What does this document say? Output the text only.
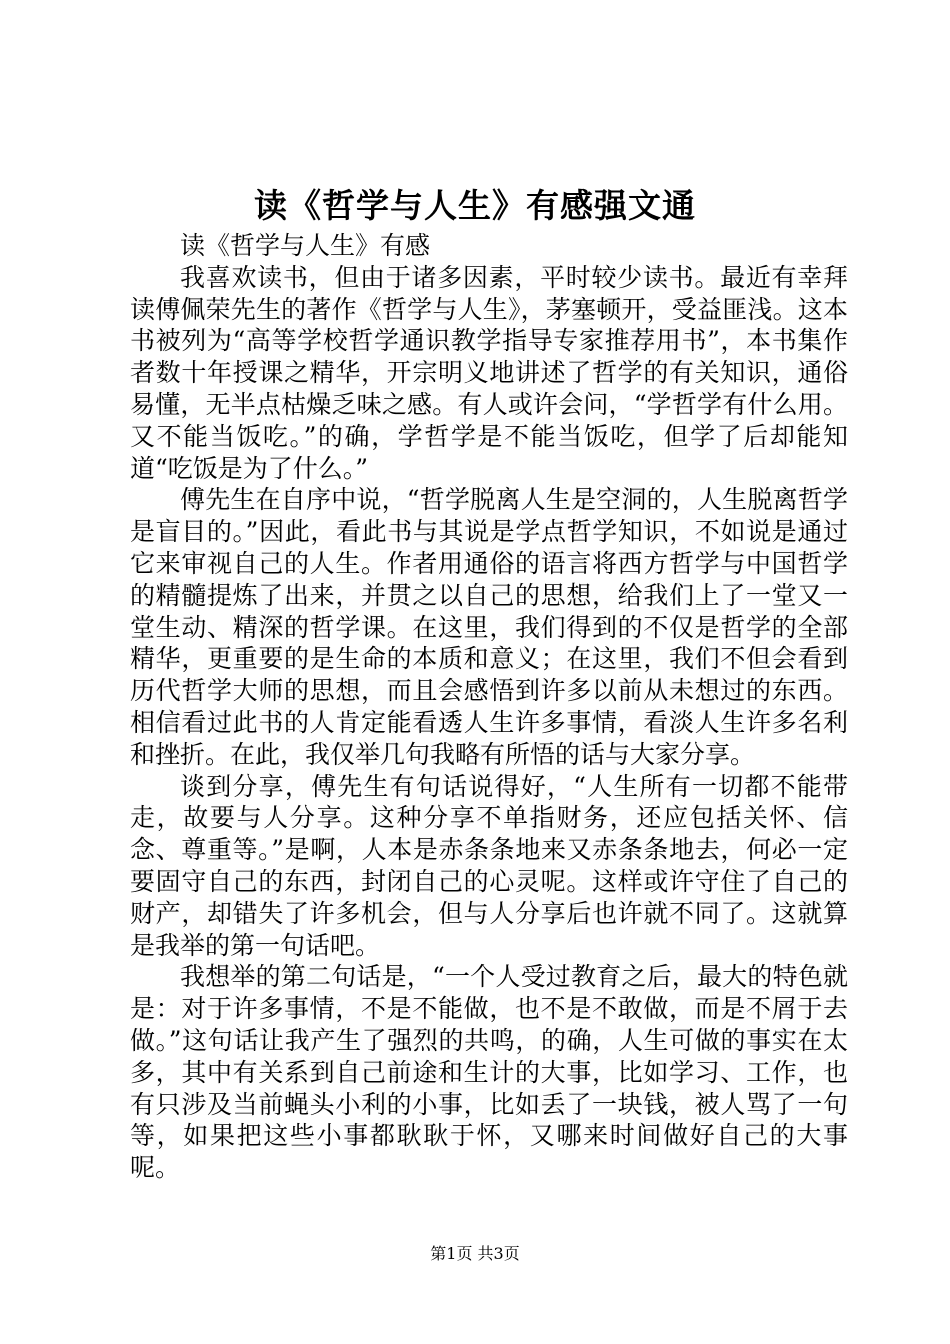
读《哲学与人生》有感强文通

读《哲学与人生》有感

我喜欢读书，但由于诸多因素，平时较少读书。最近有幸拜读傅佩荣先生的著作《哲学与人生》，茅塞顿开，受益匪浅。这本书被列为“高等学校哲学通识教学指导专家推荐用书”，本书集作者数十年授课之精华，开宗明义地讲述了哲学的有关知识，通俗易懂，无半点枯燥乏味之感。有人或许会问，“学哲学有什么用。又不能当饭吃。”的确，学哲学是不能当饭吃，但学了后却能知道“吃饭是为了什么。”

傅先生在自序中说，“哲学脱离人生是空洞的，人生脱离哲学是盲目的。”因此，看此书与其说是学点哲学知识，不如说是通过它来审视自己的人生。作者用通俗的语言将西方哲学与中国哲学的精髓提炼了出来，并贯之以自己的思想，给我们上了一堂又一堂生动、精深的哲学课。在这里，我们得到的不仅是哲学的全部精华，更重要的是生命的本质和意义；在这里，我们不但会看到历代哲学大师的思想，而且会感悟到许多以前从未想过的东西。相信看过此书的人肯定能看透人生许多事情，看淡人生许多名利和挫折。在此，我仅举几句我略有所悟的话与大家分享。

谈到分享，傅先生有句话说得好，“人生所有一切都不能带走，故要与人分享。这种分享不单指财务，还应包括关怀、信念、尊重等。”是啊，人本是赤条条地来又赤条条地去，何必一定要固守自己的东西，封闭自己的心灵呢。这样或许守住了自己的财产，却错失了许多机会，但与人分享后也许就不同了。这就算是我举的第一句话吧。

我想举的第二句话是，“一个人受过教育之后，最大的特色就是：对于许多事情，不是不能做，也不是不敢做，而是不屑于去做。”这句话让我产生了强烈的共鸣，的确，人生可做的事实在太多，其中有关系到自己前途和生计的大事，比如学习、工作，也有只涉及当前蝇头小利的小事，比如丢了一块钱，被人骂了一句等，如果把这些小事都耿耿于怀，又哪来时间做好自己的大事呢。

第1页 共3页
